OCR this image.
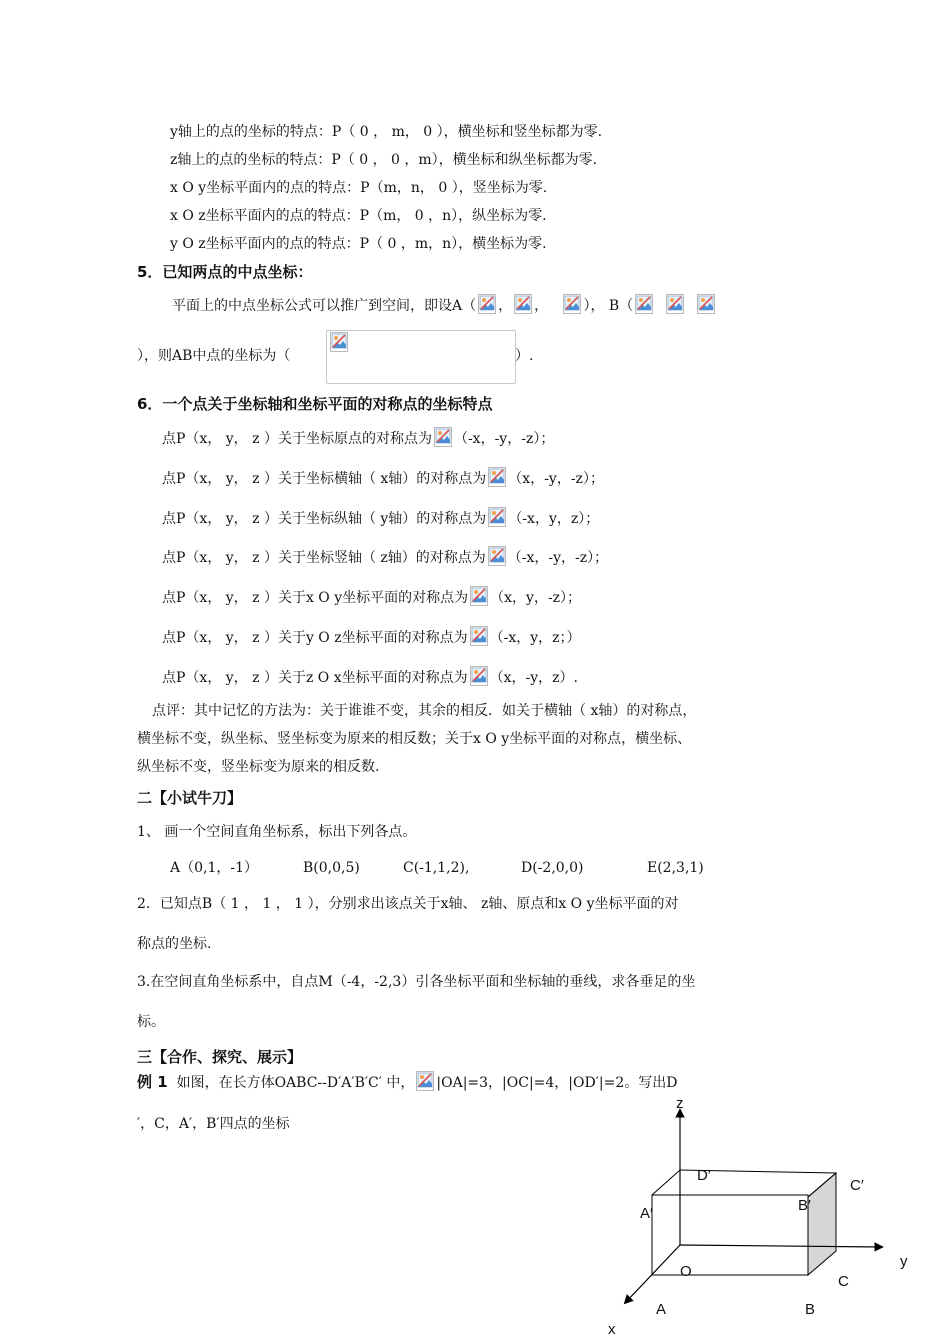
y轴上的点的坐标的特点：P（ 0 ， m， 0 ），横坐标和竖坐标都为零.
z轴上的点的坐标的特点：P（ 0 ， 0 ，m），横坐标和纵坐标都为零.
x O y坐标平面内的点的特点：P（m，n， 0 ），竖坐标为零.
x O z坐标平面内的点的特点：P（m， 0 ，n），纵坐标为零.
y O z坐标平面内的点的特点：P（ 0 ，m，n），横坐标为零.
5．已知两点的中点坐标：
平面上的中点坐标公式可以推广到空间，即设A（ ， ，	）， B（

），则AB中点的坐标为（	）.
6．一个点关于坐标轴和坐标平面的对称点的坐标特点
点P（x， y， z ）关于坐标原点的对称点为 （-x，-y，-z）；
点P（x， y， z ）关于坐标横轴（ x轴）的对称点为 （x，-y，-z）；
点P（x， y， z ）关于坐标纵轴（ y轴）的对称点为 （-x，y，z）；
点P（x， y， z ）关于坐标竖轴（ z轴）的对称点为 （-x，-y，-z）；
点P（x， y， z ）关于x O y坐标平面的对称点为 （x，y，-z）；
点P（x， y， z ）关于y O z坐标平面的对称点为 （-x，y，z；）
点P（x， y， z ）关于z O x坐标平面的对称点为 （x，-y，z）.
点评：其中记忆的方法为：关于谁谁不变，其余的相反．如关于横轴（ x轴）的对称点，
横坐标不变，纵坐标、竖坐标变为原来的相反数；关于x O y坐标平面的对称点，横坐标、
纵坐标不变，竖坐标变为原来的相反数.
二【小试牛刀】
1、 画一个空间直角坐标系，标出下列各点。
A（0,1，-1）	B(0,0,5)	C(-1,1,2),	D(-2,0,0)	E(2,3,1)
2．已知点B（ 1 ， 1 ， 1 ），分别求出该点关于x轴、 z轴、原点和x O y坐标平面的对
称点的坐标.
3.在空间直角坐标系中，自点M（-4，-2,3）引各坐标平面和坐标轴的垂线，求各垂足的坐
标。
三【合作、探究、展示】
例 1 如图，在长方体OABC--D′A′B′C′ 中， |OA|=3，|OC|=4，|OD′|=2。写出D
′，C，A′，B′四点的坐标
z
D′
C′
A′	B′
y
O
C
A	B
x
